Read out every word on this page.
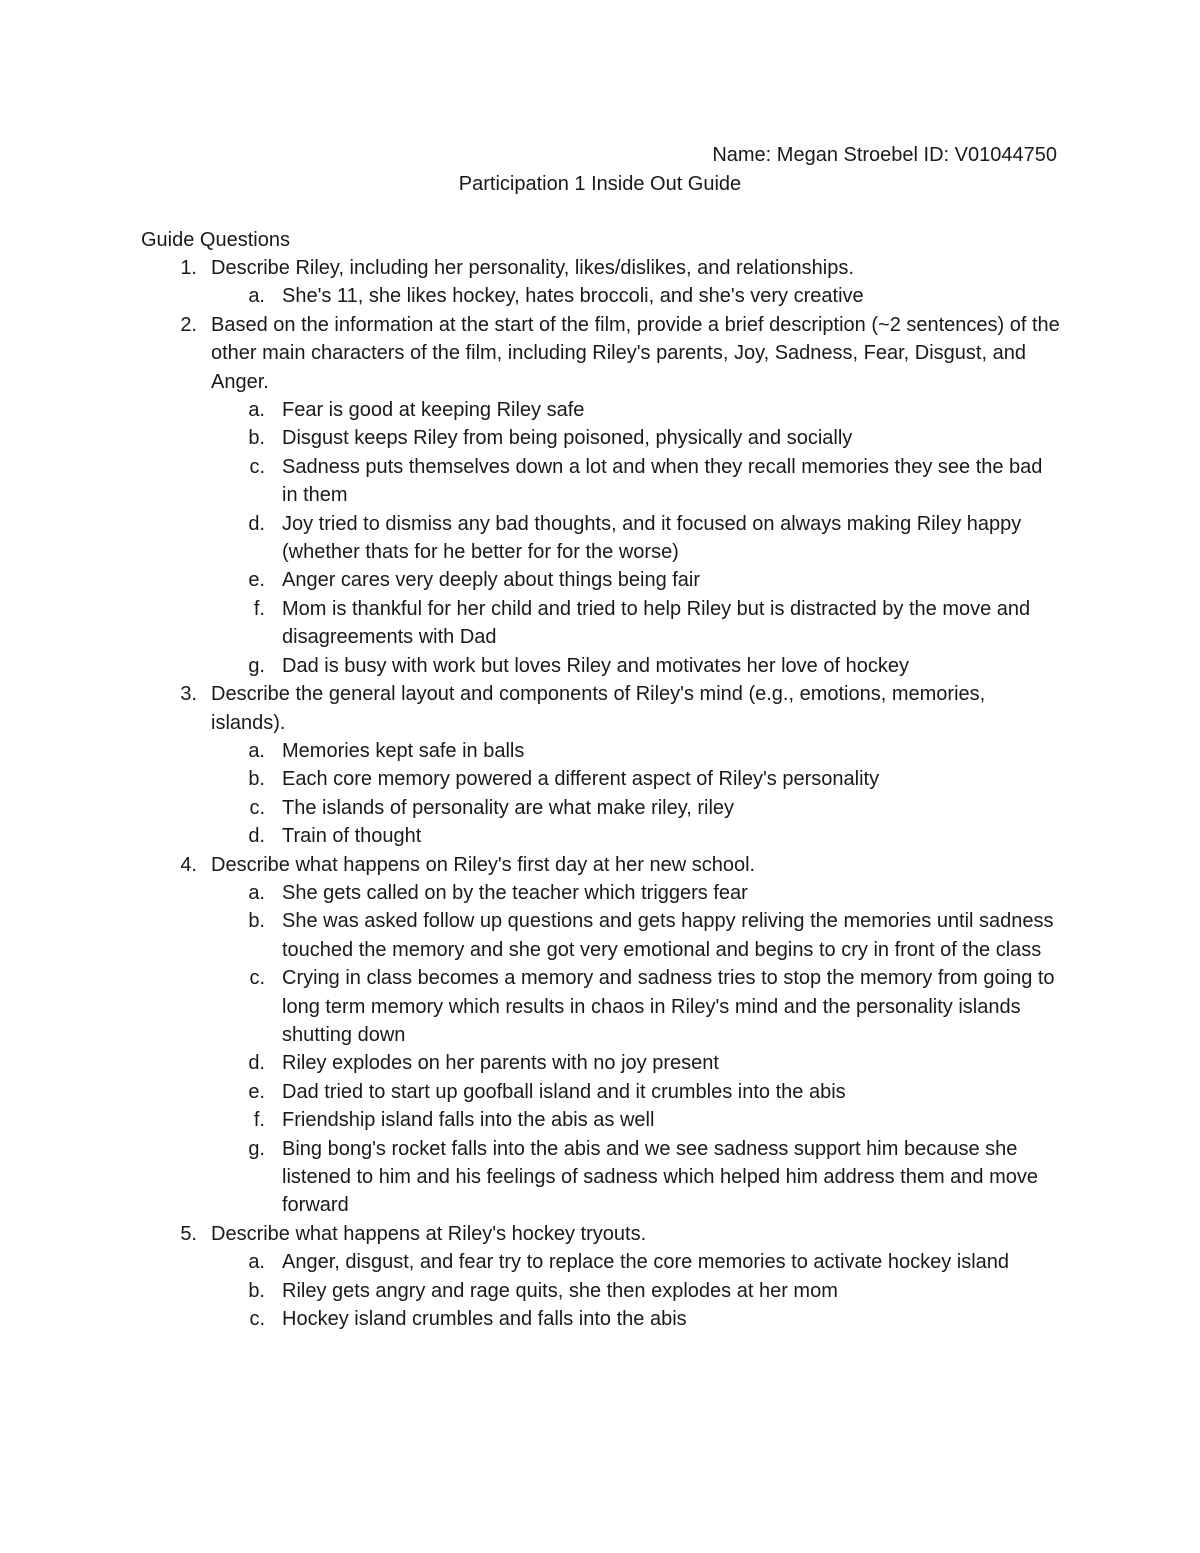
Name: Megan Stroebel ID: V01044750
Participation 1 Inside Out Guide
Guide Questions
1. Describe Riley, including her personality, likes/dislikes, and relationships.
a. She's 11, she likes hockey, hates broccoli, and she's very creative
2. Based on the information at the start of the film, provide a brief description (~2 sentences) of the other main characters of the film, including Riley's parents, Joy, Sadness, Fear, Disgust, and Anger.
a. Fear is good at keeping Riley safe
b. Disgust keeps Riley from being poisoned, physically and socially
c. Sadness puts themselves down a lot and when they recall memories they see the bad in them
d. Joy tried to dismiss any bad thoughts, and it focused on always making Riley happy (whether thats for he better for for the worse)
e. Anger cares very deeply about things being fair
f. Mom is thankful for her child and tried to help Riley but is distracted by the move and disagreements with Dad
g. Dad is busy with work but loves Riley and motivates her love of hockey
3. Describe the general layout and components of Riley's mind (e.g., emotions, memories, islands).
a. Memories kept safe in balls
b. Each core memory powered a different aspect of Riley's personality
c. The islands of personality are what make riley, riley
d. Train of thought
4. Describe what happens on Riley's first day at her new school.
a. She gets called on by the teacher which triggers fear
b. She was asked follow up questions and gets happy reliving the memories until sadness touched the memory and she got very emotional and begins to cry in front of the class
c. Crying in class becomes a memory and sadness tries to stop the memory from going to long term memory which results in chaos in Riley's mind and the personality islands shutting down
d. Riley explodes on her parents with no joy present
e. Dad tried to start up goofball island and it crumbles into the abis
f. Friendship island falls into the abis as well
g. Bing bong's rocket falls into the abis and we see sadness support him because she listened to him and his feelings of sadness which helped him address them and move forward
5. Describe what happens at Riley's hockey tryouts.
a. Anger, disgust, and fear try to replace the core memories to activate hockey island
b. Riley gets angry and rage quits, she then explodes at her mom
c. Hockey island crumbles and falls into the abis
